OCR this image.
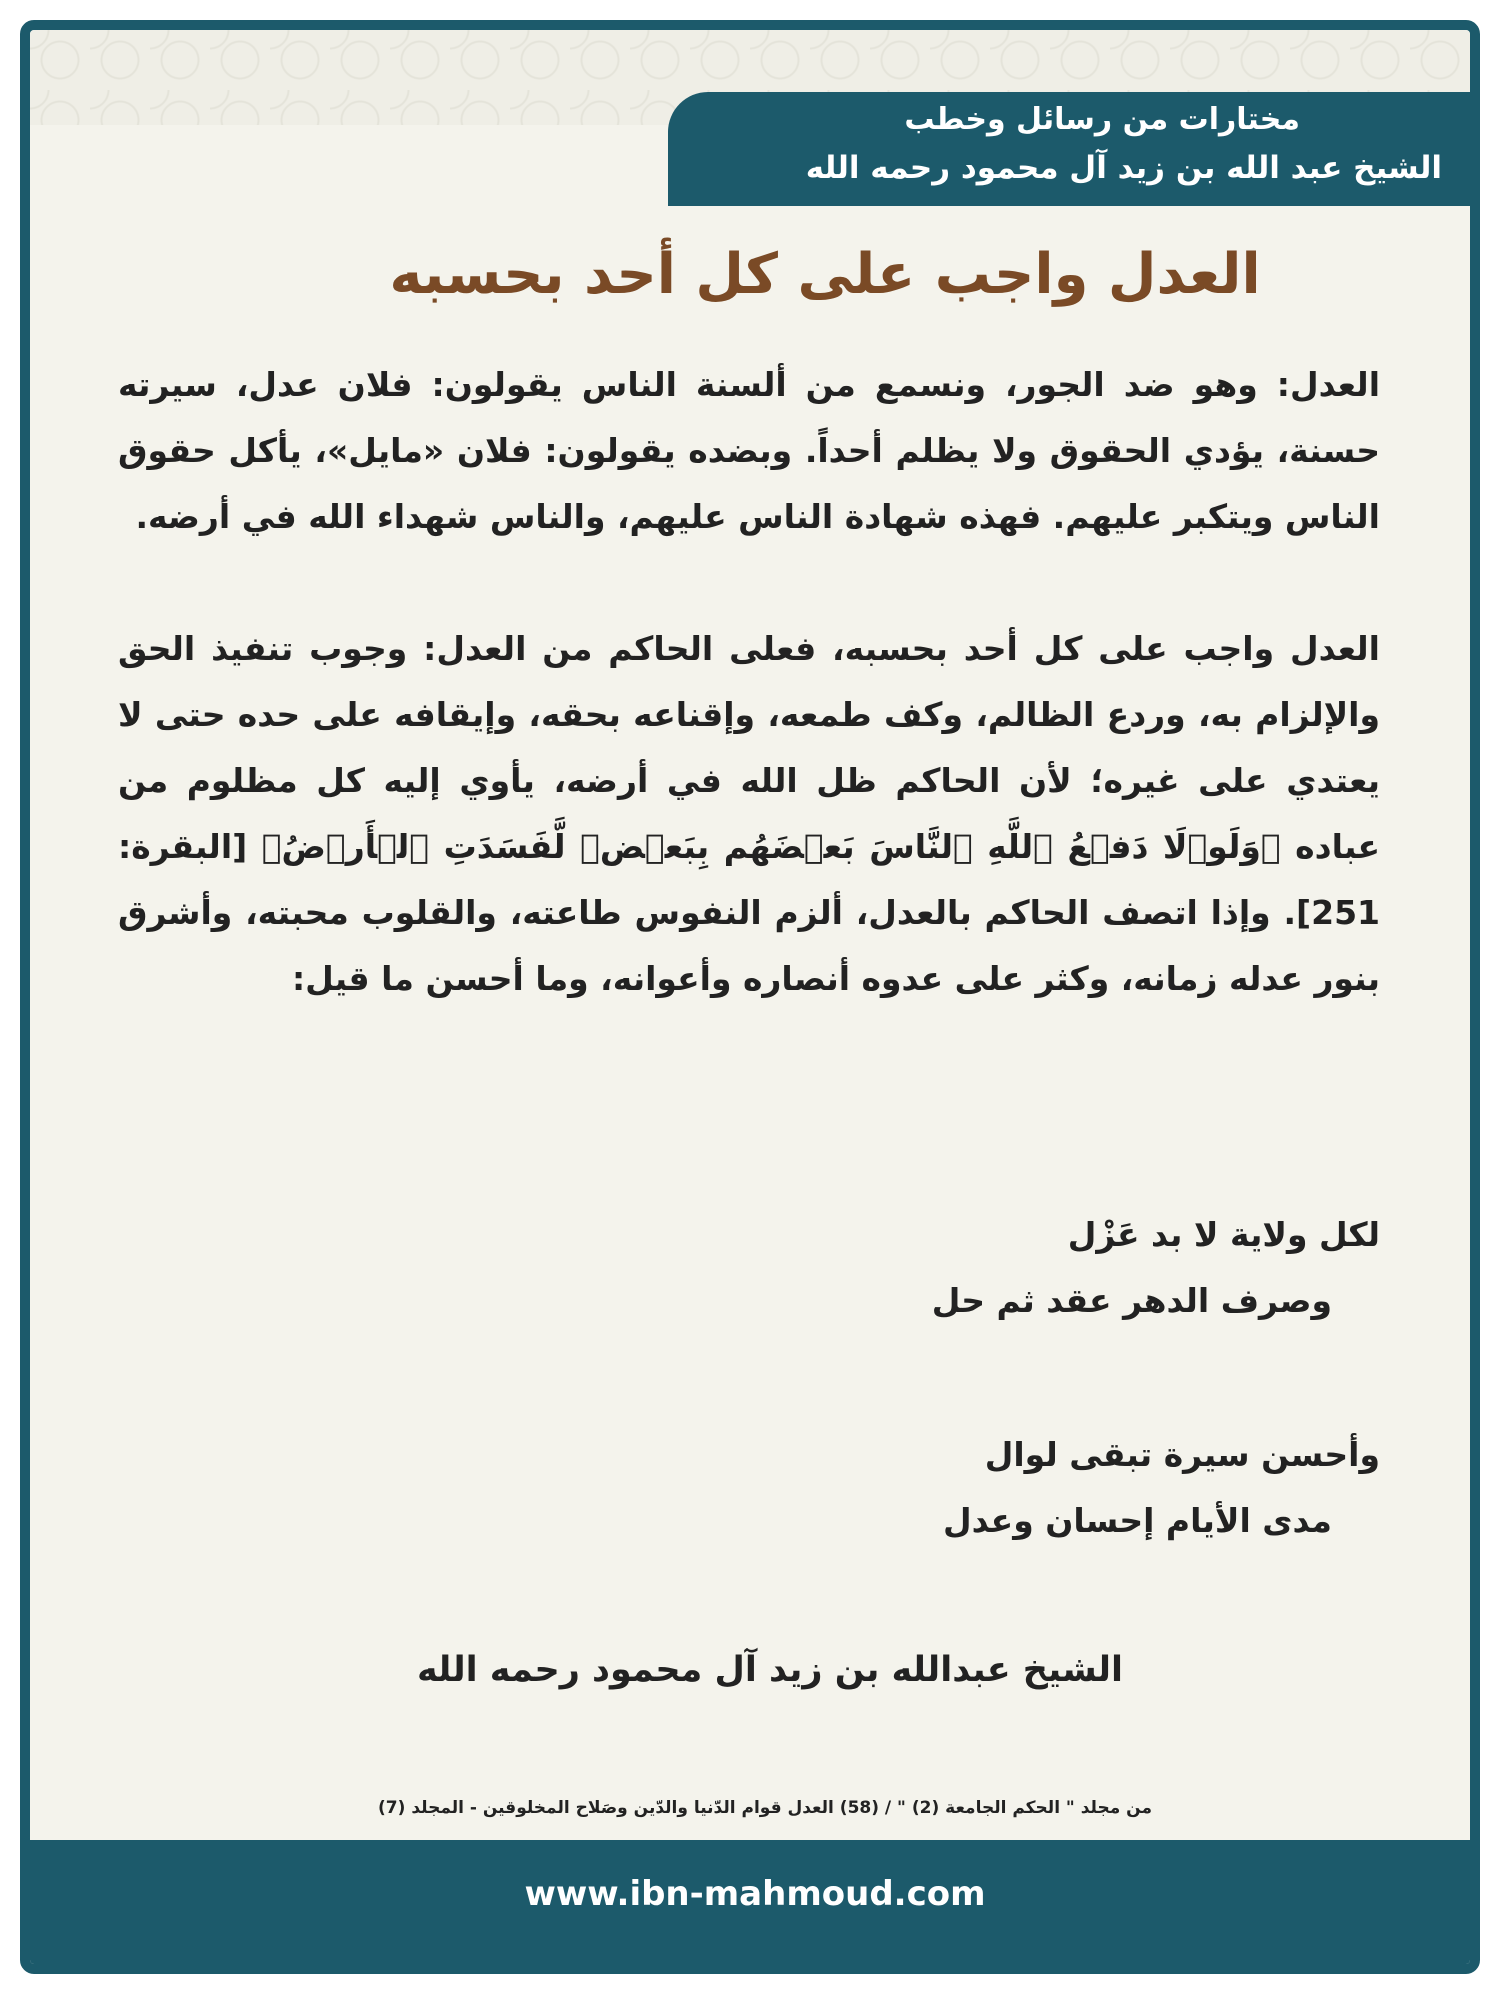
مختارات من رسائل وخطب
الشيخ عبد الله بن زيد آل محمود رحمه الله
العدل واجب على كل أحد بحسبه

العدل: وهو ضد الجور، ونسمع من ألسنة الناس يقولون: فلان عدل، سيرته حسنة، يؤدي الحقوق ولا يظلم أحداً. وبضده يقولون: فلان «مايل»، يأكل حقوق الناس ويتكبر عليهم. فهذه شهادة الناس عليهم، والناس شهداء الله في أرضه.

العدل واجب على كل أحد بحسبه، فعلى الحاكم من العدل: وجوب تنفيذ الحق والإلزام به، وردع الظالم، وكف طمعه، وإقناعه بحقه، وإيقافه على حده حتى لا يعتدي على غيره؛ لأن الحاكم ظل الله في أرضه، يأوي إليه كل مظلوم من عباده ﴿وَلَوۡلَا دَفۡعُ ٱللَّهِ ٱلنَّاسَ بَعۡضَهُم بِبَعۡضٖ لَّفَسَدَتِ ٱلۡأَرۡضُ﴾ [البقرة: 251]. وإذا اتصف الحاكم بالعدل، ألزم النفوس طاعته، والقلوب محبته، وأشرق بنور عدله زمانه، وكثر على عدوه أنصاره وأعوانه، وما أحسن ما قيل:

لكل ولاية لا بد عَزْل
وصرف الدهر عقد ثم حل
وأحسن سيرة تبقى لوال
مدى الأيام إحسان وعدل
الشيخ عبدالله بن زيد آل محمود رحمه الله
من مجلد " الحكم الجامعة (2) " / (58) العدل قوام الدّنيا والدّين وصَلاح المخلوقين - المجلد (7)
www.ibn-mahmoud.com
